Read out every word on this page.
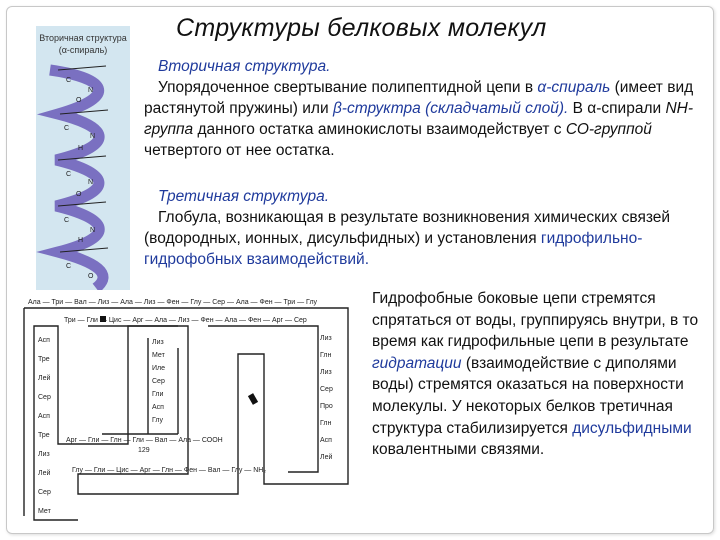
Структуры белковых молекул
Вторичная структура
(α-спираль)
C
N
O
C
N
H
C
N
O
C
N
H
C
O
Вторичная структура.
Упорядоченное свертывание полипептидной цепи в α-спираль (имеет вид растянутой пружины) или β-структра (складчатый слой). В α-спирали NH-группа данного остатка аминокислоты взаимодействует с СО-группой четвертого от нее остатка.
Третичная структура.
Глобула, возникающая в результате возникновения химических связей (водородных, ионных, дисульфидных) и установления гидрофильно- гидрофобных взаимодействий.
Ала — Три — Вал — Лиз — Ала — Лиз — Фен — Глу — Сер — Ала — Фен — Три — Глу
Три — Гли — Цис — Арг — Ала — Лиз — Фен — Ала — Фен — Арг — Сер
Арг — Гли — Глн — Гли — Вал — Ала — СООН
129
Глу — Гли — Цис — Арг — Глн — Фен — Вал — Глу — NH₂
Асп
Тре
Лей
Сер
Асп
Тре
Лиз
Лей
Сер
Мет
Лиз
Мет
Иле
Сер
Гли
Асп
Глу
Лиз
Глн
Лиз
Сер
Про
Глн
Асп
Лей
Гидрофобные боковые цепи стремятся спрятаться от воды, группируясь внутри, в то время как гидрофильные цепи в результате гидратации (взаимодействие с диполями воды) стремятся оказаться на поверхности молекулы. У некоторых белков третичная структура стабилизируется дисульфидными ковалентными связями.
